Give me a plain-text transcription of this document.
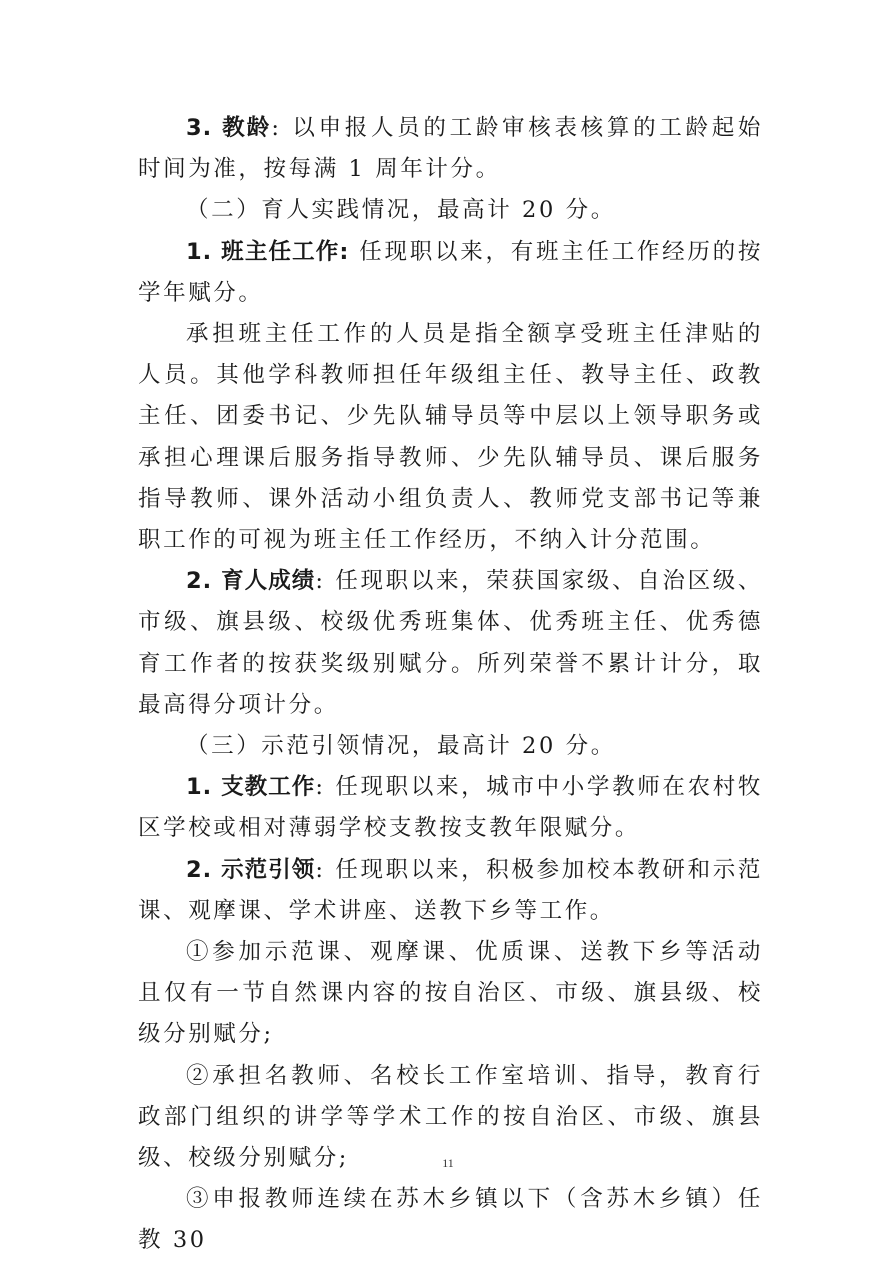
3. 教龄: 以申报人员的工龄审核表核算的工龄起始时间为准，按每满 1 周年计分。

（二）育人实践情况，最高计 20 分。

1. 班主任工作: 任现职以来，有班主任工作经历的按学年赋分。

承担班主任工作的人员是指全额享受班主任津贴的人员。其他学科教师担任年级组主任、教导主任、政教主任、团委书记、少先队辅导员等中层以上领导职务或承担心理课后服务指导教师、少先队辅导员、课后服务指导教师、课外活动小组负责人、教师党支部书记等兼职工作的可视为班主任工作经历，不纳入计分范围。

2. 育人成绩: 任现职以来，荣获国家级、自治区级、市级、旗县级、校级优秀班集体、优秀班主任、优秀德育工作者的按获奖级别赋分。所列荣誉不累计计分，取最高得分项计分。

（三）示范引领情况，最高计 20 分。

1. 支教工作: 任现职以来，城市中小学教师在农村牧区学校或相对薄弱学校支教按支教年限赋分。

2. 示范引领: 任现职以来，积极参加校本教研和示范课、观摩课、学术讲座、送教下乡等工作。

①参加示范课、观摩课、优质课、送教下乡等活动且仅有一节自然课内容的按自治区、市级、旗县级、校级分别赋分;

②承担名教师、名校长工作室培训、指导，教育行政部门组织的讲学等学术工作的按自治区、市级、旗县级、校级分别赋分;

③申报教师连续在苏木乡镇以下（含苏木乡镇）任教 30

11
